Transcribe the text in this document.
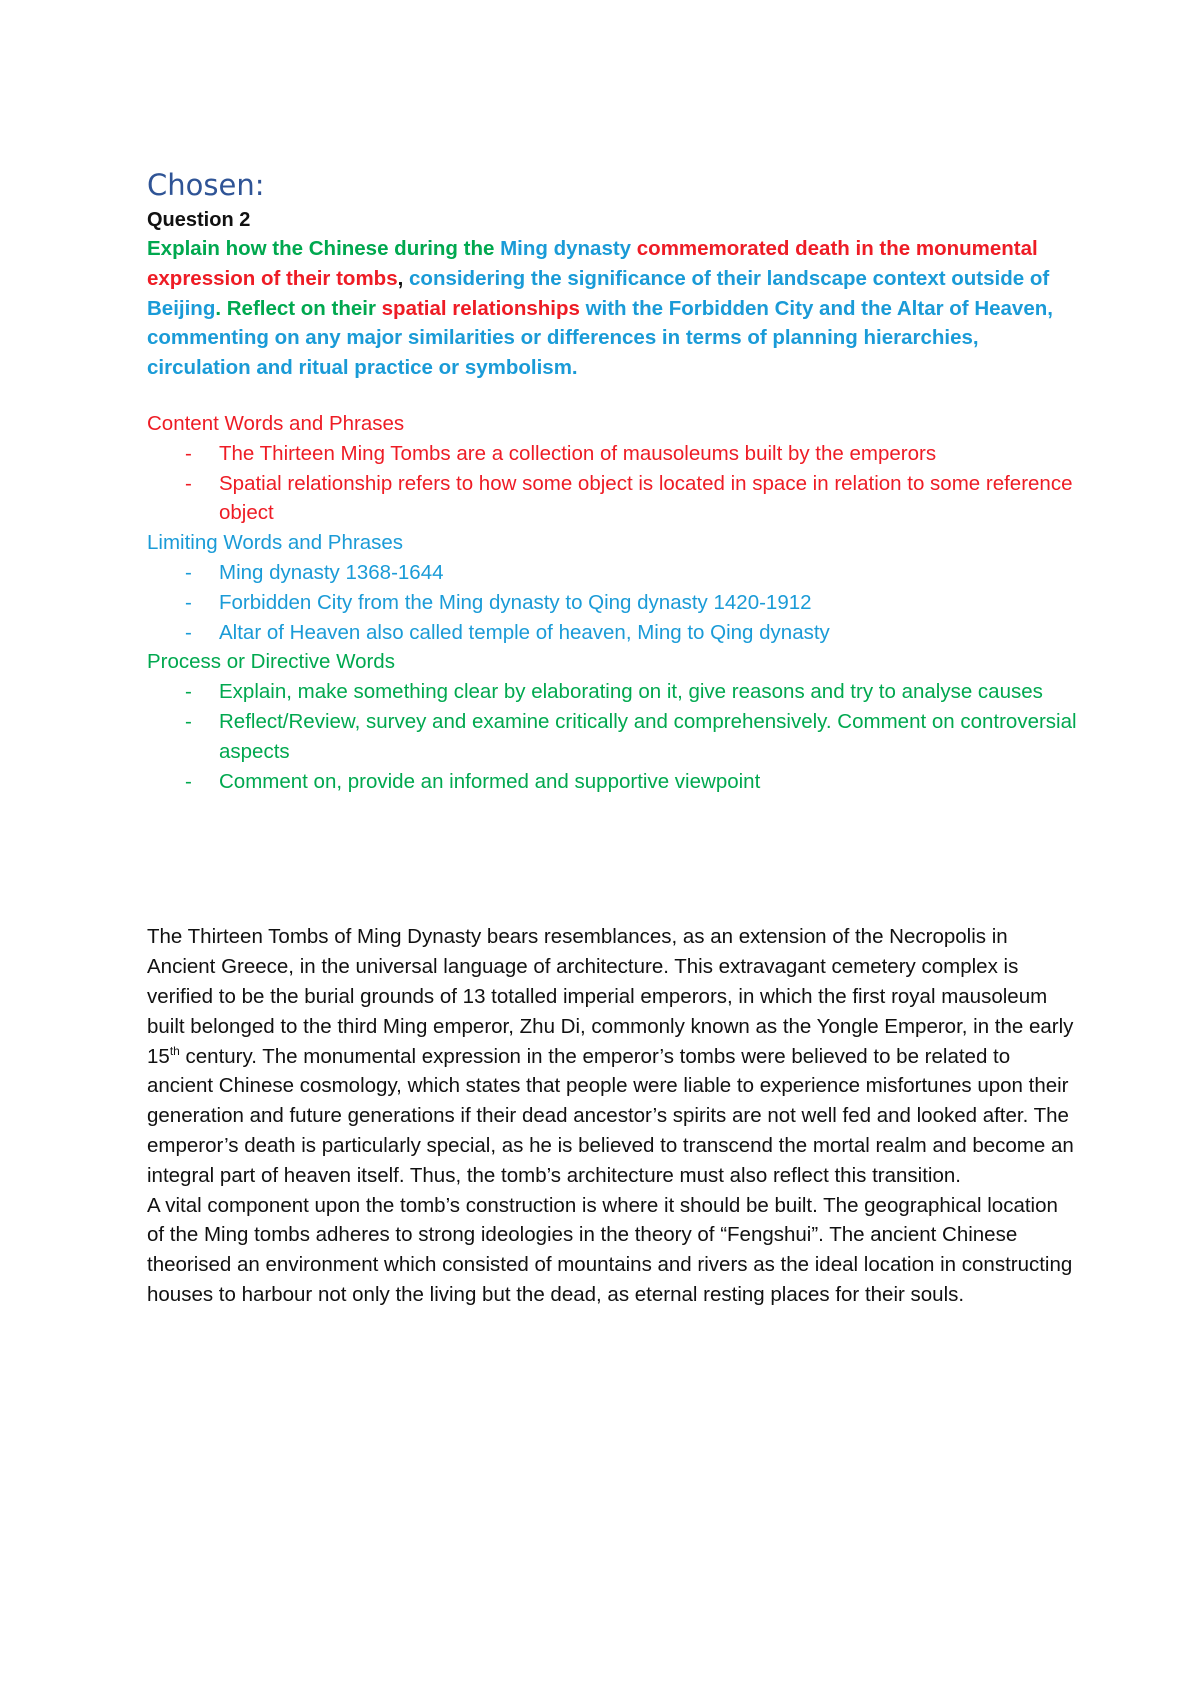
Chosen:

Question 2

Explain how the Chinese during the Ming dynasty commemorated death in the monumental expression of their tombs, considering the significance of their landscape context outside of Beijing. Reflect on their spatial relationships with the Forbidden City and the Altar of Heaven, commenting on any major similarities or differences in terms of planning hierarchies, circulation and ritual practice or symbolism.

Content Words and Phrases

- The Thirteen Ming Tombs are a collection of mausoleums built by the emperors
- Spatial relationship refers to how some object is located in space in relation to some reference object

Limiting Words and Phrases

- Ming dynasty 1368-1644
- Forbidden City from the Ming dynasty to Qing dynasty 1420-1912
- Altar of Heaven also called temple of heaven, Ming to Qing dynasty

Process or Directive Words

- Explain, make something clear by elaborating on it, give reasons and try to analyse causes
- Reflect/Review, survey and examine critically and comprehensively. Comment on controversial aspects
- Comment on, provide an informed and supportive viewpoint

The Thirteen Tombs of Ming Dynasty bears resemblances, as an extension of the Necropolis in Ancient Greece, in the universal language of architecture. This extravagant cemetery complex is verified to be the burial grounds of 13 totalled imperial emperors, in which the first royal mausoleum built belonged to the third Ming emperor, Zhu Di, commonly known as the Yongle Emperor, in the early 15th century. The monumental expression in the emperor’s tombs were believed to be related to ancient Chinese cosmology, which states that people were liable to experience misfortunes upon their generation and future generations if their dead ancestor’s spirits are not well fed and looked after. The emperor’s death is particularly special, as he is believed to transcend the mortal realm and become an integral part of heaven itself. Thus, the tomb’s architecture must also reflect this transition.

A vital component upon the tomb’s construction is where it should be built. The geographical location of the Ming tombs adheres to strong ideologies in the theory of “Fengshui”. The ancient Chinese theorised an environment which consisted of mountains and rivers as the ideal location in constructing houses to harbour not only the living but the dead, as eternal resting places for their souls.
